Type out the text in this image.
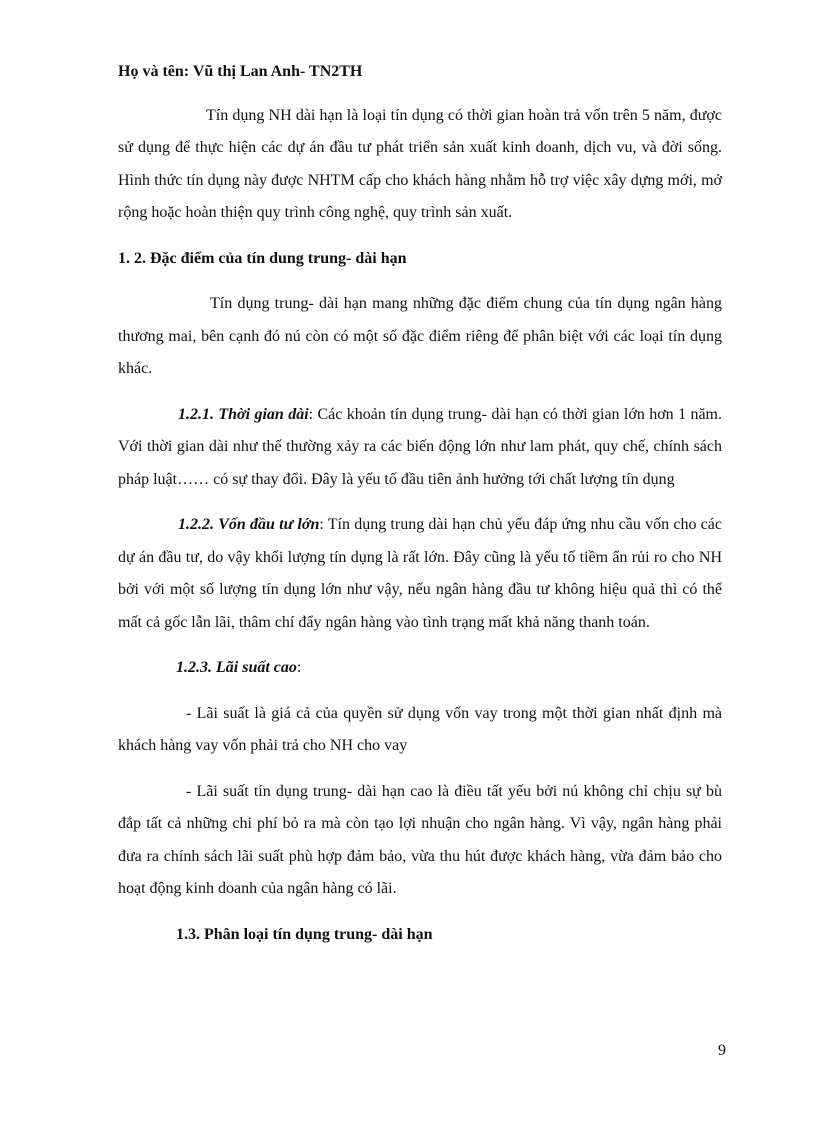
Họ và tên: Vũ thị Lan Anh- TN2TH

Tín dụng NH dài hạn là loại tín dụng có thời gian hoàn trả vốn trên 5 năm, được sử dụng để thực hiện các dự án đầu tư phát triển sản xuất kinh doanh, dịch vu, và đời sống. Hình thức tín dụng này được NHTM cấp cho khách hàng nhằm hỗ trợ việc xây dựng mới, mở rộng hoặc hoàn thiện quy trình công nghệ, quy trình sản xuất.

1. 2. Đặc điểm của tín dung trung- dài hạn

Tín dụng trung- dài hạn mang những đặc điểm chung của tín dụng ngân hàng thương mai, bên cạnh đó nú còn có một số đặc điểm riêng để phân biệt với các loại tín dụng khác.

1.2.1. Thời gian dài: Các khoản tín dụng trung- dài hạn có thời gian lớn hơn 1 năm. Với thời gian dài như thế thường xảy ra các biến động lớn như lam phát, quy chế, chính sách pháp luật…… có sự thay đổi. Đây là yếu tố đầu tiên ảnh hưởng tới chất lượng tín dụng

1.2.2. Vốn đầu tư lớn: Tín dụng trung dài hạn chủ yếu đáp ứng nhu cầu vốn cho các dự án đầu tư, do vậy khối lượng tín dụng là rất lớn. Đây cũng là yếu tố tiềm ẩn rủi ro cho NH bởi với một số lượng tín dụng lớn như vậy, nếu ngân hàng đầu tư không hiệu quả thì có thể mất cả gốc lẫn lãi, thâm chí đẩy ngân hàng vào tình trạng mất khả năng thanh toán.

1.2.3. Lãi suất cao:

- Lãi suất là giá cả của quyền sử dụng vốn vay trong một thời gian nhất định mà khách hàng vay vốn phải trả cho NH cho vay

- Lãi suất tín dụng trung- dài hạn cao là điều tất yếu bởi nú không chỉ chịu sự bù đắp tất cả những chi phí bỏ ra mà còn tạo lợi nhuận cho ngân hàng. Vì vậy, ngân hàng phải đưa ra chính sách lãi suất phù hợp đảm bảo, vừa thu hút được khách hàng, vừa đảm bảo cho hoạt động kinh doanh của ngân hàng có lãi.

1.3. Phân loại tín dụng trung- dài hạn
9
